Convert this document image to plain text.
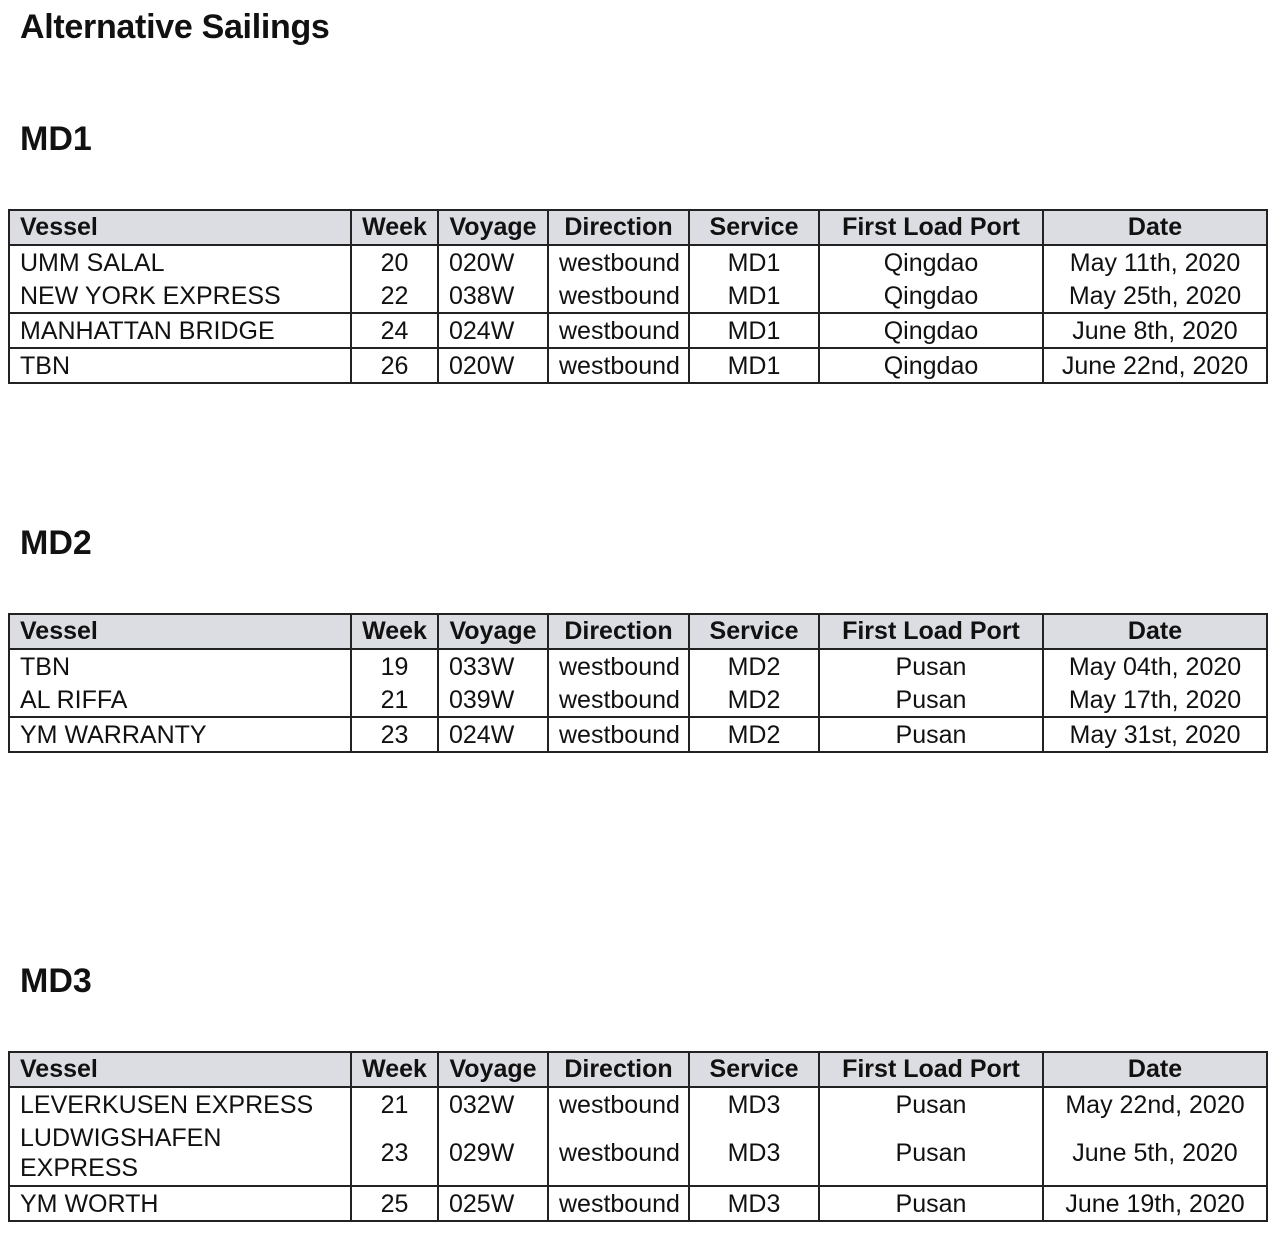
Alternative Sailings
MD1
Vessel	Week	Voyage	Direction	Service	First Load Port	Date
UMM SALAL	20	020W	westbound	MD1	Qingdao	May 11th, 2020
NEW YORK EXPRESS	22	038W	westbound	MD1	Qingdao	May 25th, 2020
MANHATTAN BRIDGE	24	024W	westbound	MD1	Qingdao	June 8th, 2020
TBN	26	020W	westbound	MD1	Qingdao	June 22nd, 2020
MD2
Vessel	Week	Voyage	Direction	Service	First Load Port	Date
TBN	19	033W	westbound	MD2	Pusan	May 04th, 2020
AL RIFFA	21	039W	westbound	MD2	Pusan	May 17th, 2020
YM WARRANTY	23	024W	westbound	MD2	Pusan	May 31st, 2020
MD3
Vessel	Week	Voyage	Direction	Service	First Load Port	Date
LEVERKUSEN EXPRESS	21	032W	westbound	MD3	Pusan	May 22nd, 2020
LUDWIGSHAFEN EXPRESS	23	029W	westbound	MD3	Pusan	June 5th, 2020
YM WORTH	25	025W	westbound	MD3	Pusan	June 19th, 2020
